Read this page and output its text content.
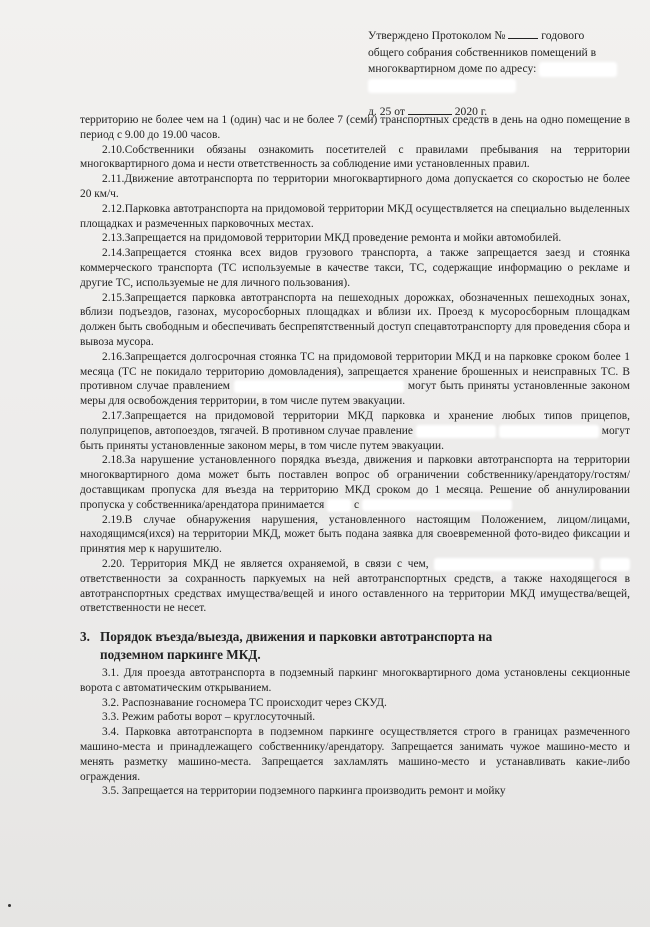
Утверждено Протоколом №	годового
общего собрания собственников помещений в
многоквартирном доме по адресу:
д. 25 от	2020 г.

территорию не более чем на 1 (один) час и не более 7 (семи) транспортных средств в день на одно помещение в период с 9.00 до 19.00 часов.

2.10.Собственники обязаны ознакомить посетителей с правилами пребывания на территории многоквартирного дома и нести ответственность за соблюдение ими установленных правил.

2.11.Движение автотранспорта по территории многоквартирного дома допускается со скоростью не более 20 км/ч.

2.12.Парковка автотранспорта на придомовой территории МКД осуществляется на специально выделенных площадках и размеченных парковочных местах.

2.13.Запрещается на придомовой территории МКД проведение ремонта и мойки автомобилей.

2.14.Запрещается стоянка всех видов грузового транспорта, а также запрещается заезд и стоянка коммерческого транспорта (ТС используемые в качестве такси, ТС, содержащие информацию о рекламе и другие ТС, используемые не для личного пользования).

2.15.Запрещается парковка автотранспорта на пешеходных дорожках, обозначенных пешеходных зонах, вблизи подъездов, газонах, мусоросборных площадках и вблизи их. Проезд к мусоросборным площадкам должен быть свободным и обеспечивать беспрепятственный доступ спецавтотранспорту для проведения сбора и вывоза мусора.

2.16.Запрещается долгосрочная стоянка ТС на придомовой территории МКД и на парковке сроком более 1 месяца (ТС не покидало территорию домовладения), запрещается хранение брошенных и неисправных ТС. В противном случае правлением	могут быть приняты установленные законом меры для освобождения территории, в том числе путем эвакуации.

2.17.Запрещается на придомовой территории МКД парковка и хранение любых типов прицепов, полуприцепов, автопоездов, тягачей. В противном случае правление	могут быть приняты установленные законом меры, в том числе путем эвакуации.

2.18.За нарушение установленного порядка въезда, движения и парковки автотранспорта на территории многоквартирного дома может быть поставлен вопрос об ограничении собственнику/арендатору/гостям/доставщикам пропуска для въезда на территорию МКД сроком до 1 месяца. Решение об аннулировании пропуска у собственника/арендатора принимается	с

2.19.В случае обнаружения нарушения, установленного настоящим Положением, лицом/лицами, находящимся(ихся) на территории МКД, может быть подана заявка для своевременной фото-видео фиксации и принятия мер к нарушителю.

2.20. Территория МКД не является охраняемой, в связи с чем,   ответственности за сохранность паркуемых на ней автотранспортных средств, а также находящегося в автотранспортных средствах имущества/вещей и иного оставленного на территории МКД имущества/вещей, ответственности не несет.

3. Порядок въезда/выезда, движения и парковки автотранспорта на
подземном паркинге МКД.

3.1. Для проезда автотранспорта в подземный паркинг многоквартирного дома установлены секционные ворота с автоматическим открыванием.

3.2. Распознавание госномера ТС происходит через СКУД.

3.3. Режим работы ворот – круглосуточный.

3.4. Парковка автотранспорта в подземном паркинге осуществляется строго в границах размеченного машино-места и принадлежащего собственнику/арендатору. Запрещается занимать чужое машино-место и менять разметку машино-места. Запрещается захламлять машино-место и устанавливать какие-либо ограждения.

3.5. Запрещается на территории подземного паркинга производить ремонт и мойку
